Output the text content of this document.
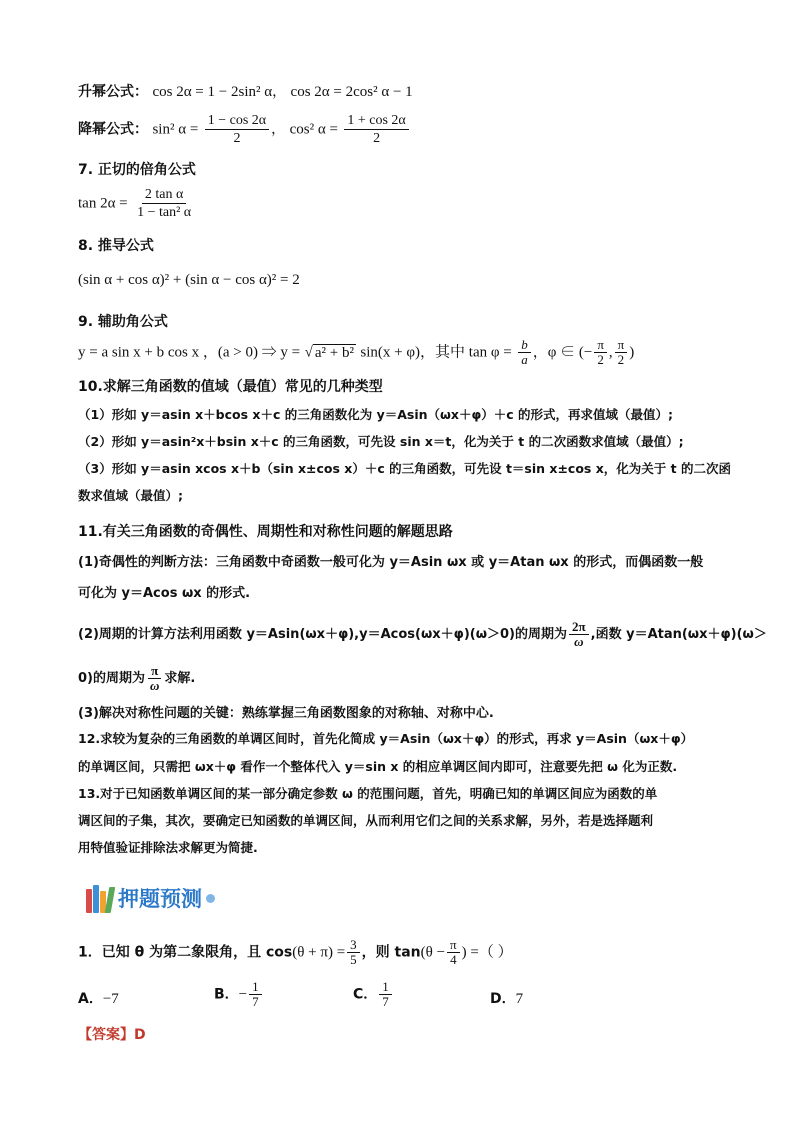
升幂公式： cos 2α = 1 − 2sin² α， cos 2α = 2cos² α − 1
降幂公式： sin² $\alpha = \frac{1 - \cos 2\alpha}{2}$ ， cos² $\alpha = \frac{1 + \cos 2\alpha}{2}$
7. 正切的倍角公式
$\tan 2\alpha = \frac{\text{2 tan α}}{\text{1 − tan² α}}$
8. 推导公式
(sin α + cos α)² + (sin α − cos α)² = 2
9. 辅助角公式
y = a sin x + b cos x ，(a > 0) ⇒ y = √ a² + b² sin(x + φ)，其中 $\tan \varphi = \frac{b}{a}$ ，φ ∈ (− $\frac{\pi}{2}$ , $\frac{\pi}{2}$ )
10.求解三角函数的值域（最值）常见的几种类型
（1）形如 y＝asin x＋bcos x＋c 的三角函数化为 y＝Asin（ωx＋φ）＋c 的形式，再求值域（最值）;
（2）形如 y＝asin²x＋bsin x＋c 的三角函数，可先设 sin x＝t，化为关于 t 的二次函数求值域（最值）;
（3）形如 y＝asin xcos x＋b（sin x±cos x）＋c 的三角函数，可先设 t＝sin x±cos x，化为关于 t 的二次函
数求值域（最值）;
11.有关三角函数的奇偶性、周期性和对称性问题的解题思路
(1)奇偶性的判断方法：三角函数中奇函数一般可化为 y＝Asin ωx 或 y＝Atan ωx 的形式，而偶函数一般
可化为 y＝Acos ωx 的形式.
(2)周期的计算方法利用函数 y＝Asin(ωx＋φ),y＝Acos(ωx＋φ)(ω＞0)的周期为 $\frac{2\pi}{\omega}$ ,函数 y＝Atan(ωx＋φ)(ω＞
0)的周期为 $\frac{\pi}{\omega}$ 求解.
(3)解决对称性问题的关键：熟练掌握三角函数图象的对称轴、对称中心.
12.求较为复杂的三角函数的单调区间时，首先化简成 y＝Asin（ωx＋φ）的形式，再求 y＝Asin（ωx＋φ）
的单调区间，只需把 ωx＋φ 看作一个整体代入 y＝sin x 的相应单调区间内即可，注意要先把 ω 化为正数.
13.对于已知函数单调区间的某一部分确定参数 ω 的范围问题，首先，明确已知的单调区间应为函数的单
调区间的子集，其次，要确定已知函数的单调区间，从而利用它们之间的关系求解，另外，若是选择题利
用特值验证排除法求解更为简捷.
押题预测
1．已知 θ 为第二象限角，且 $\cos(\theta + \pi) = \frac{3}{5}$ ，则 $\tan(\theta - \frac{\pi}{4}$ ) =（ ）
A．−7	B．− $\frac{1}{7}$	C． $\frac{1}{7}$	D．7
【答案】D
